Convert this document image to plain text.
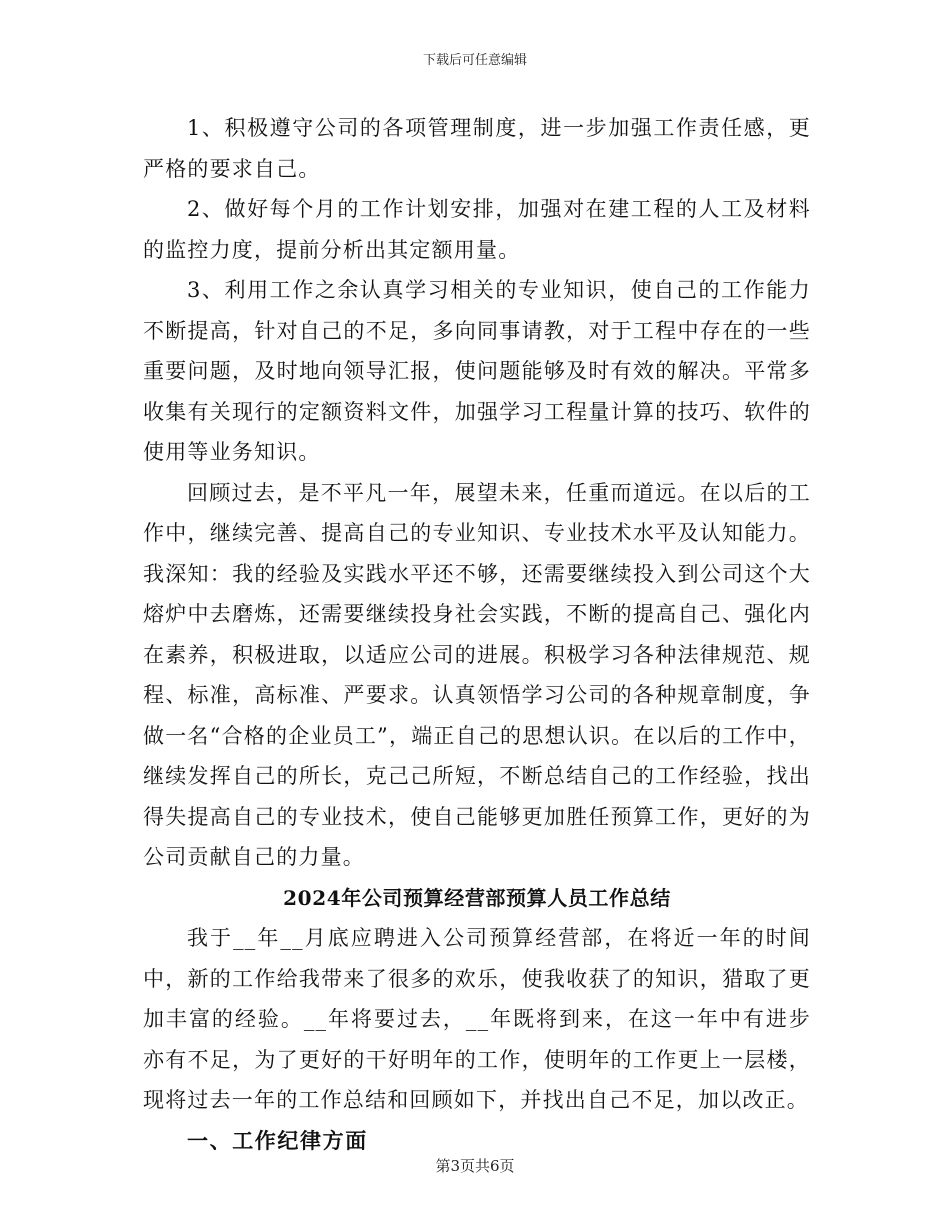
下载后可任意编辑

1、积极遵守公司的各项管理制度，进一步加强工作责任感，更严格的要求自己。

2、做好每个月的工作计划安排，加强对在建工程的人工及材料的监控力度，提前分析出其定额用量。

3、利用工作之余认真学习相关的专业知识，使自己的工作能力不断提高，针对自己的不足，多向同事请教，对于工程中存在的一些重要问题，及时地向领导汇报，使问题能够及时有效的解决。平常多收集有关现行的定额资料文件，加强学习工程量计算的技巧、软件的使用等业务知识。

回顾过去，是不平凡一年，展望未来，任重而道远。在以后的工作中，继续完善、提高自己的专业知识、专业技术水平及认知能力。我深知：我的经验及实践水平还不够，还需要继续投入到公司这个大熔炉中去磨炼，还需要继续投身社会实践，不断的提高自己、强化内在素养，积极进取，以适应公司的进展。积极学习各种法律规范、规程、标准，高标准、严要求。认真领悟学习公司的各种规章制度，争做一名“合格的企业员工”，端正自己的思想认识。在以后的工作中，继续发挥自己的所长，克己己所短，不断总结自己的工作经验，找出得失提高自己的专业技术，使自己能够更加胜任预算工作，更好的为公司贡献自己的力量。

2024年公司预算经营部预算人员工作总结

我于__年__月底应聘进入公司预算经营部，在将近一年的时间中，新的工作给我带来了很多的欢乐，使我收获了的知识，猎取了更加丰富的经验。__年将要过去，__年既将到来，在这一年中有进步亦有不足，为了更好的干好明年的工作，使明年的工作更上一层楼，现将过去一年的工作总结和回顾如下，并找出自己不足，加以改正。

一、工作纪律方面

第3页共6页
